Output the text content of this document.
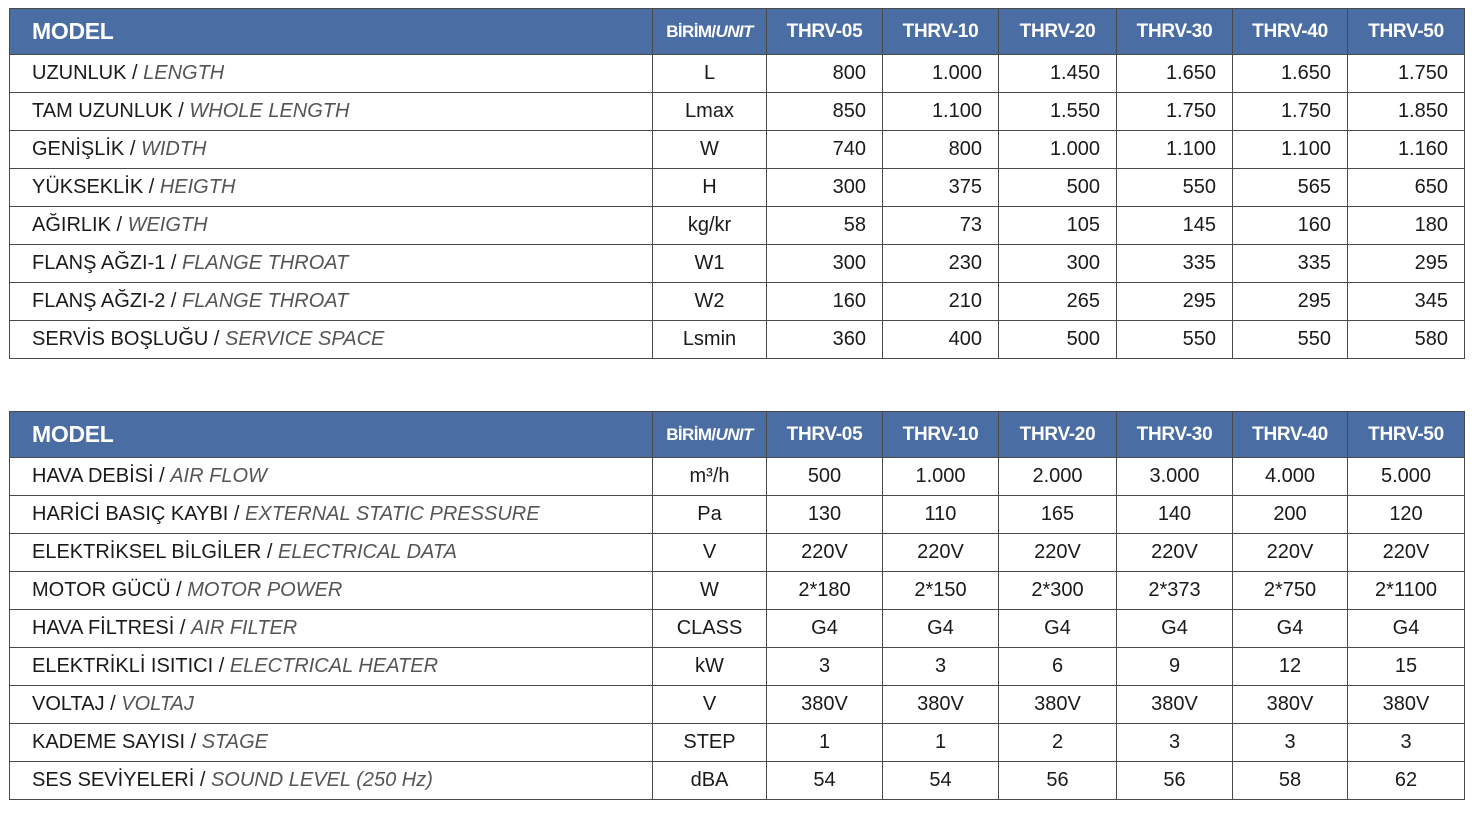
MODEL	BİRİM/UNIT	THRV-05	THRV-10	THRV-20	THRV-30	THRV-40	THRV-50
UZUNLUK / LENGTH	L	800	1.000	1.450	1.650	1.650	1.750
TAM UZUNLUK / WHOLE LENGTH	Lmax	850	1.100	1.550	1.750	1.750	1.850
GENİŞLİK / WIDTH	W	740	800	1.000	1.100	1.100	1.160
YÜKSEKLİK / HEIGTH	H	300	375	500	550	565	650
AĞIRLIK / WEIGTH	kg/kr	58	73	105	145	160	180
FLANŞ AĞZI-1 / FLANGE THROAT	W1	300	230	300	335	335	295
FLANŞ AĞZI-2 / FLANGE THROAT	W2	160	210	265	295	295	345
SERVİS BOŞLUĞU / SERVICE SPACE	Lsmin	360	400	500	550	550	580
MODEL	BİRİM/UNIT	THRV-05	THRV-10	THRV-20	THRV-30	THRV-40	THRV-50
HAVA DEBİSİ / AIR FLOW	m³/h	500	1.000	2.000	3.000	4.000	5.000
HARİCİ BASIÇ KAYBI / EXTERNAL STATIC PRESSURE	Pa	130	110	165	140	200	120
ELEKTRİKSEL BİLGİLER / ELECTRICAL DATA	V	220V	220V	220V	220V	220V	220V
MOTOR GÜCÜ / MOTOR POWER	W	2*180	2*150	2*300	2*373	2*750	2*1100
HAVA FİLTRESİ / AIR FILTER	CLASS	G4	G4	G4	G4	G4	G4
ELEKTRİKLİ ISITICI / ELECTRICAL HEATER	kW	3	3	6	9	12	15
VOLTAJ / VOLTAJ	V	380V	380V	380V	380V	380V	380V
KADEME SAYISI / STAGE	STEP	1	1	2	3	3	3
SES SEVİYELERİ / SOUND LEVEL (250 Hz)	dBA	54	54	56	56	58	62
